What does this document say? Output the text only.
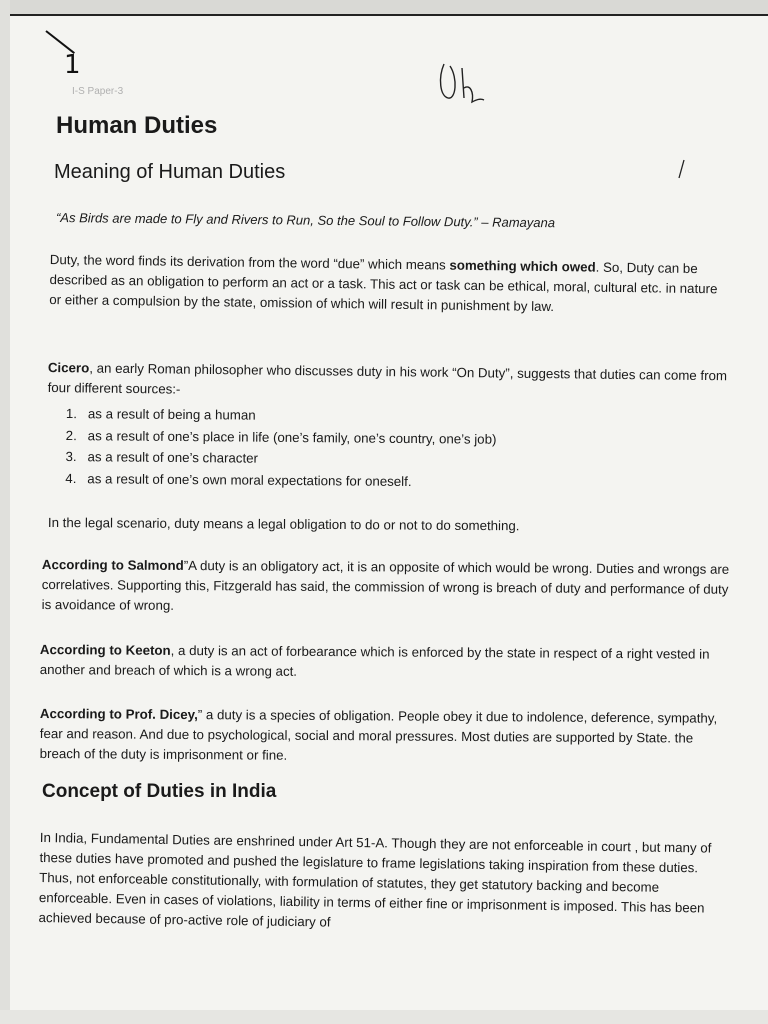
1
I-S Paper-3
Human Duties
Meaning of Human Duties

“As Birds are made to Fly and Rivers to Run, So the Soul to Follow Duty.” – Ramayana

Duty, the word finds its derivation from the word “due” which means something which owed. So, Duty can be described as an obligation to perform an act or a task. This act or task can be ethical, moral, cultural etc. in nature or either a compulsion by the state, omission of which will result in punishment by law.

Cicero, an early Roman philosopher who discusses duty in his work “On Duty”, suggests that duties can come from four different sources:-

1. as a result of being a human
2. as a result of one’s place in life (one’s family, one’s country, one’s job)
3. as a result of one’s character
4. as a result of one’s own moral expectations for oneself.

In the legal scenario, duty means a legal obligation to do or not to do something.

According to Salmond”A duty is an obligatory act, it is an opposite of which would be wrong. Duties and wrongs are correlatives. Supporting this, Fitzgerald has said, the commission of wrong is breach of duty and performance of duty is avoidance of wrong.

According to Keeton, a duty is an act of forbearance which is enforced by the state in respect of a right vested in another and breach of which is a wrong act.

According to Prof. Dicey,” a duty is a species of obligation. People obey it due to indolence, deference, sympathy, fear and reason. And due to psychological, social and moral pressures. Most duties are supported by State. the breach of the duty is imprisonment or fine.

Concept of Duties in India

In India, Fundamental Duties are enshrined under Art 51-A. Though they are not enforceable in court , but many of these duties have promoted and pushed the legislature to frame legislations taking inspiration from these duties. Thus, not enforceable constitutionally, with formulation of statutes, they get statutory backing and become enforceable. Even in cases of violations, liability in terms of either fine or imprisonment is imposed. This has been achieved because of pro-active role of judiciary of
